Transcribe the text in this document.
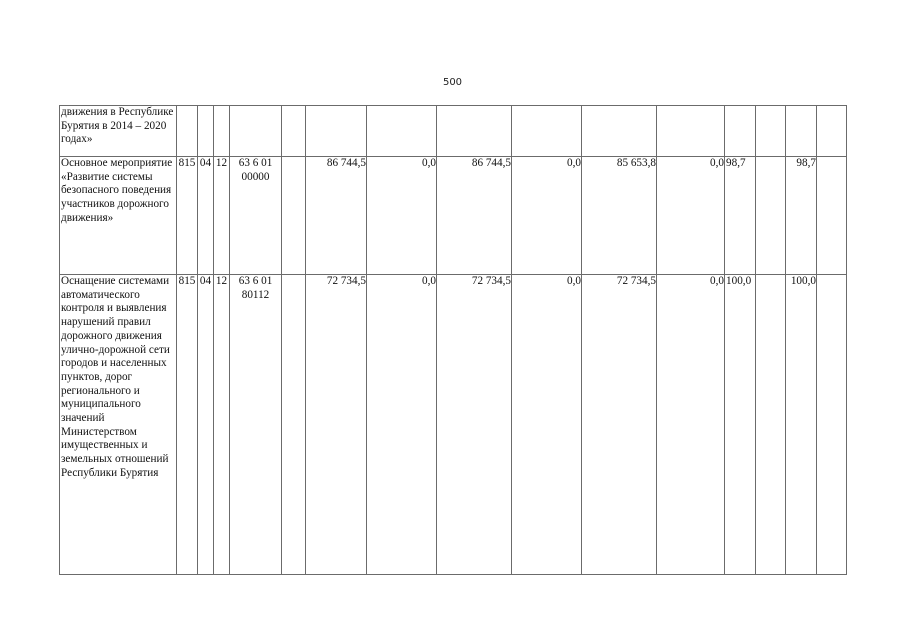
500
движения в Республике Бурятия в 2014 – 2020 годах»															
Основное мероприятие «Развитие системы безопасного поведения участников дорожного движения»	815	04	12	63 6 01 00000		86 744,5	0,0	86 744,5	0,0	85 653,8	0,0	98,7		98,7	
Оснащение системами автоматического контроля и выявления нарушений правил дорожного движения улично-дорожной сети городов и населенных пунктов, дорог регионального и муниципального значений Министерством имущественных и земельных отношений Республики Бурятия	815	04	12	63 6 01 80112		72 734,5	0,0	72 734,5	0,0	72 734,5	0,0	100,0		100,0	
